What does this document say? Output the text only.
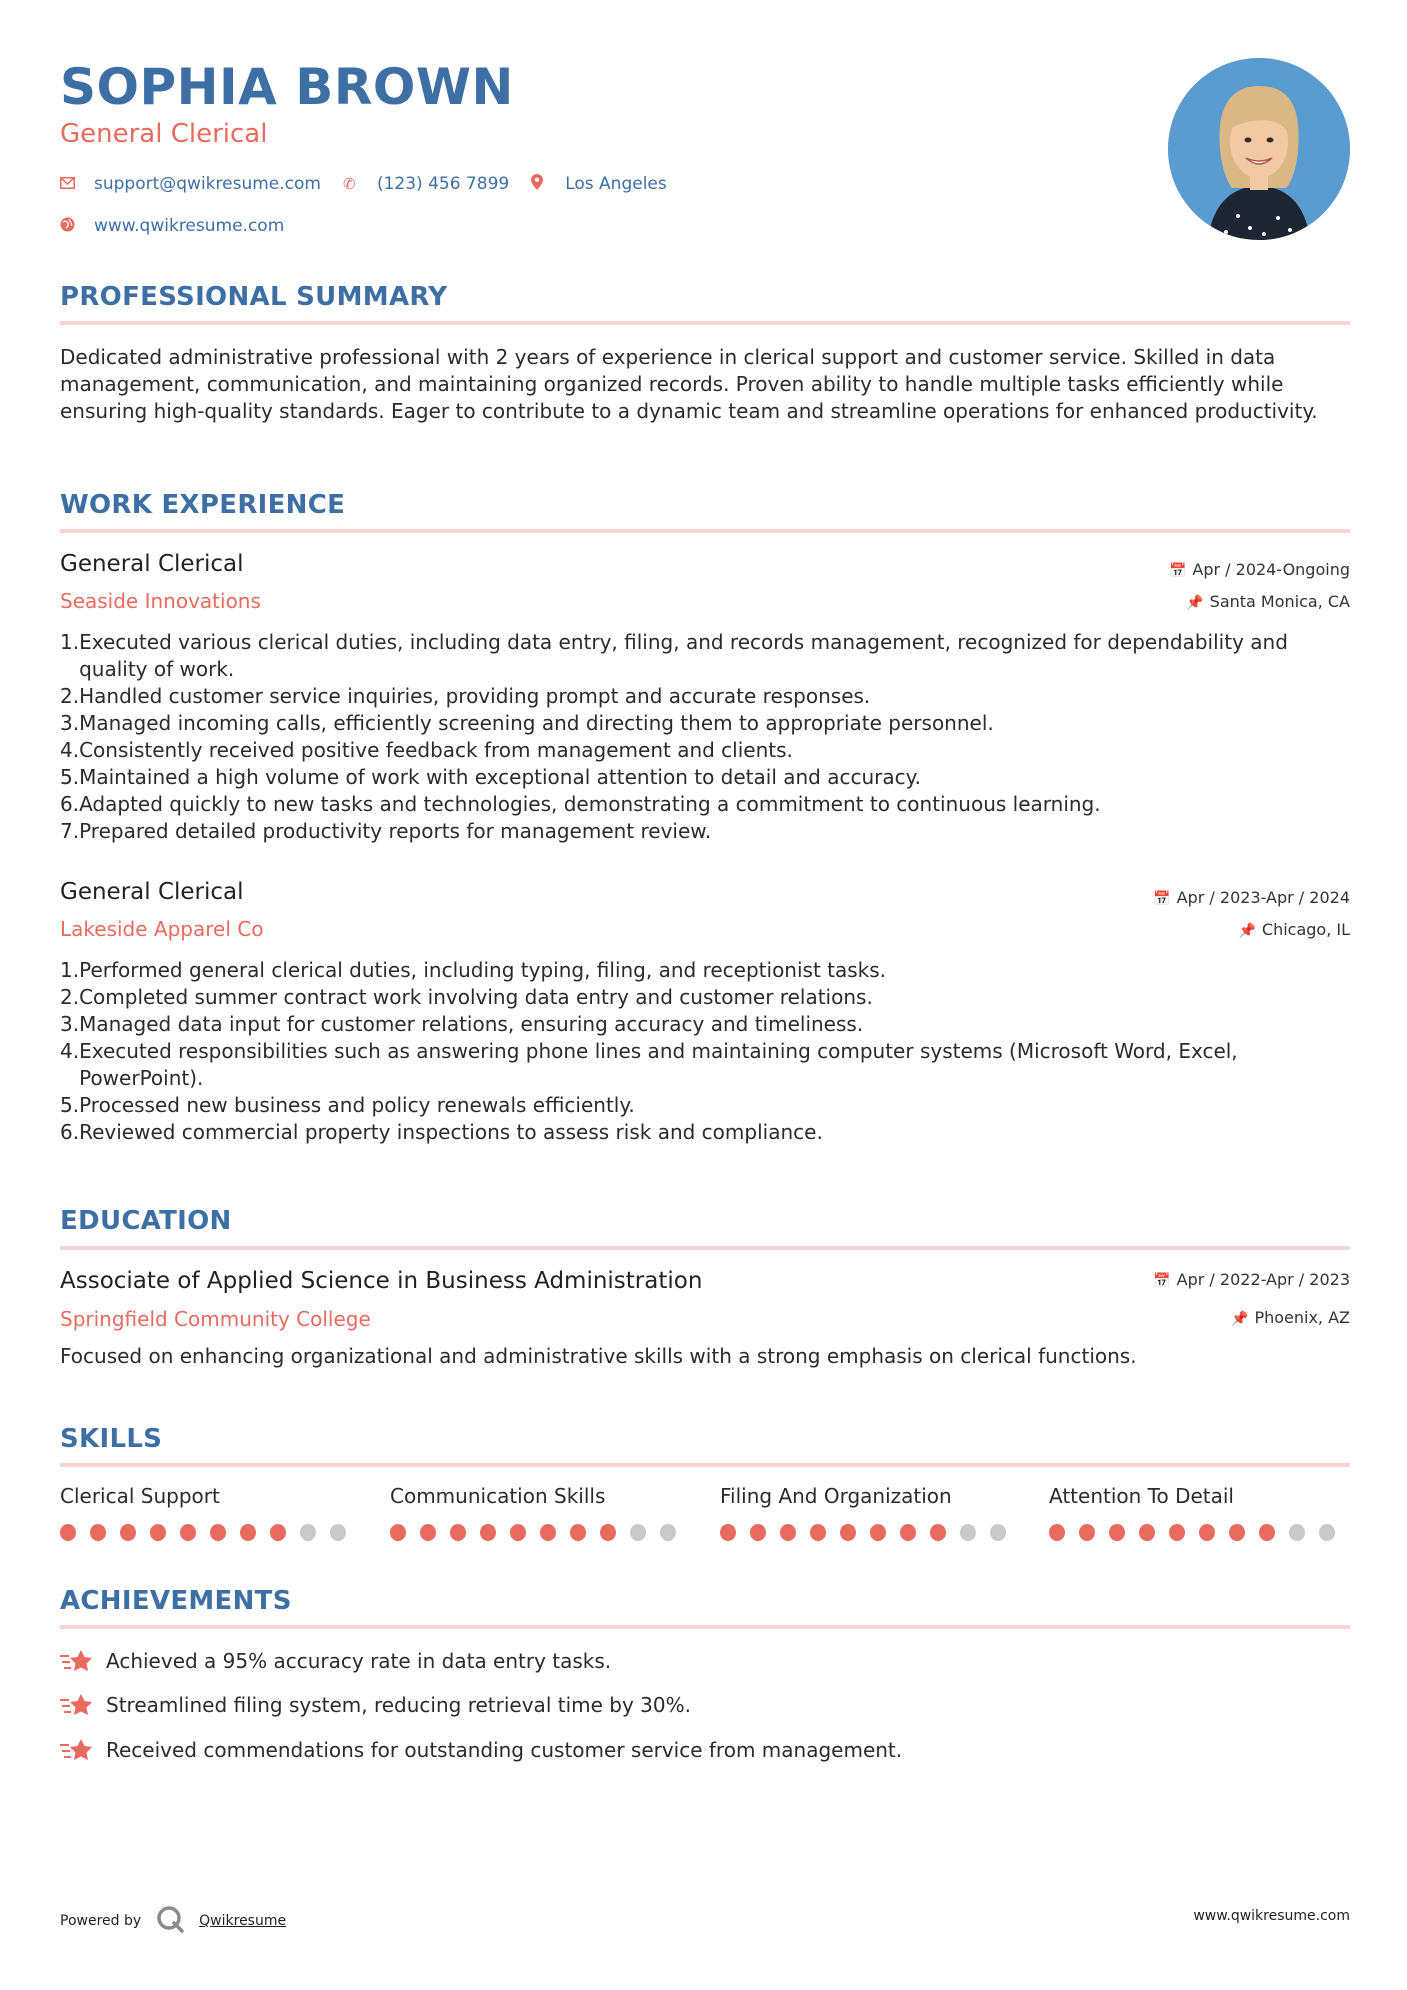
SOPHIA BROWN
General Clerical
support@qwikresume.com ✆	(123) 456 7899	Los Angeles
www.qwikresume.com
PROFESSIONAL SUMMARY
Dedicated administrative professional with 2 years of experience in clerical support and customer service. Skilled in data management, communication, and maintaining organized records. Proven ability to handle multiple tasks efficiently while ensuring high-quality standards. Eager to contribute to a dynamic team and streamline operations for enhanced productivity.
WORK EXPERIENCE
General Clerical
Seaside Innovations
📅 Apr / 2024-Ongoing
📌 Santa Monica, CA
1. Executed various clerical duties, including data entry, filing, and records management, recognized for dependability and quality of work.
2. Handled customer service inquiries, providing prompt and accurate responses.
3. Managed incoming calls, efficiently screening and directing them to appropriate personnel.
4. Consistently received positive feedback from management and clients.
5. Maintained a high volume of work with exceptional attention to detail and accuracy.
6. Adapted quickly to new tasks and technologies, demonstrating a commitment to continuous learning.
7. Prepared detailed productivity reports for management review.
General Clerical
Lakeside Apparel Co
📅 Apr / 2023-Apr / 2024
📌 Chicago, IL
1. Performed general clerical duties, including typing, filing, and receptionist tasks.
2. Completed summer contract work involving data entry and customer relations.
3. Managed data input for customer relations, ensuring accuracy and timeliness.
4. Executed responsibilities such as answering phone lines and maintaining computer systems (Microsoft Word, Excel, PowerPoint).
5. Processed new business and policy renewals efficiently.
6. Reviewed commercial property inspections to assess risk and compliance.
EDUCATION
Associate of Applied Science in Business Administration
Springfield Community College
📅 Apr / 2022-Apr / 2023
📌 Phoenix, AZ
Focused on enhancing organizational and administrative skills with a strong emphasis on clerical functions.
SKILLS
Clerical Support	Communication Skills	Filing And Organization	Attention To Detail
ACHIEVEMENTS
Achieved a 95% accuracy rate in data entry tasks.
Streamlined filing system, reducing retrieval time by 30%.
Received commendations for outstanding customer service from management.
Powered by	Qwikresume	www.qwikresume.com
